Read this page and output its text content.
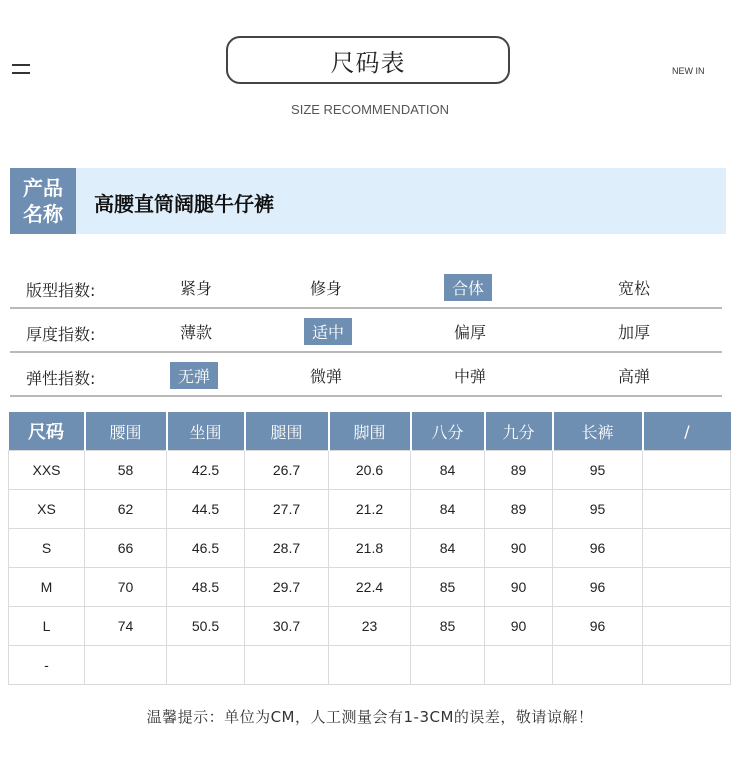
尺码表	NEW IN
SIZE RECOMMENDATION
产品
名称 高腰直筒阔腿牛仔裤
版型指数:	紧身	修身	合体	宽松
厚度指数:	薄款	适中	偏厚	加厚
弹性指数:	无弹	微弹	中弹	高弹
尺码	腰围	坐围	腿围	脚围	八分	九分	长裤	/
XXS	58	42.5	26.7	20.6	84	89	95	
XS	62	44.5	27.7	21.2	84	89	95	
S	66	46.5	28.7	21.8	84	90	96	
M	70	48.5	29.7	22.4	85	90	96	
L	74	50.5	30.7	23	85	90	96	
-								
温馨提示：单位为CM，人工测量会有1-3CM的误差，敬请谅解！
